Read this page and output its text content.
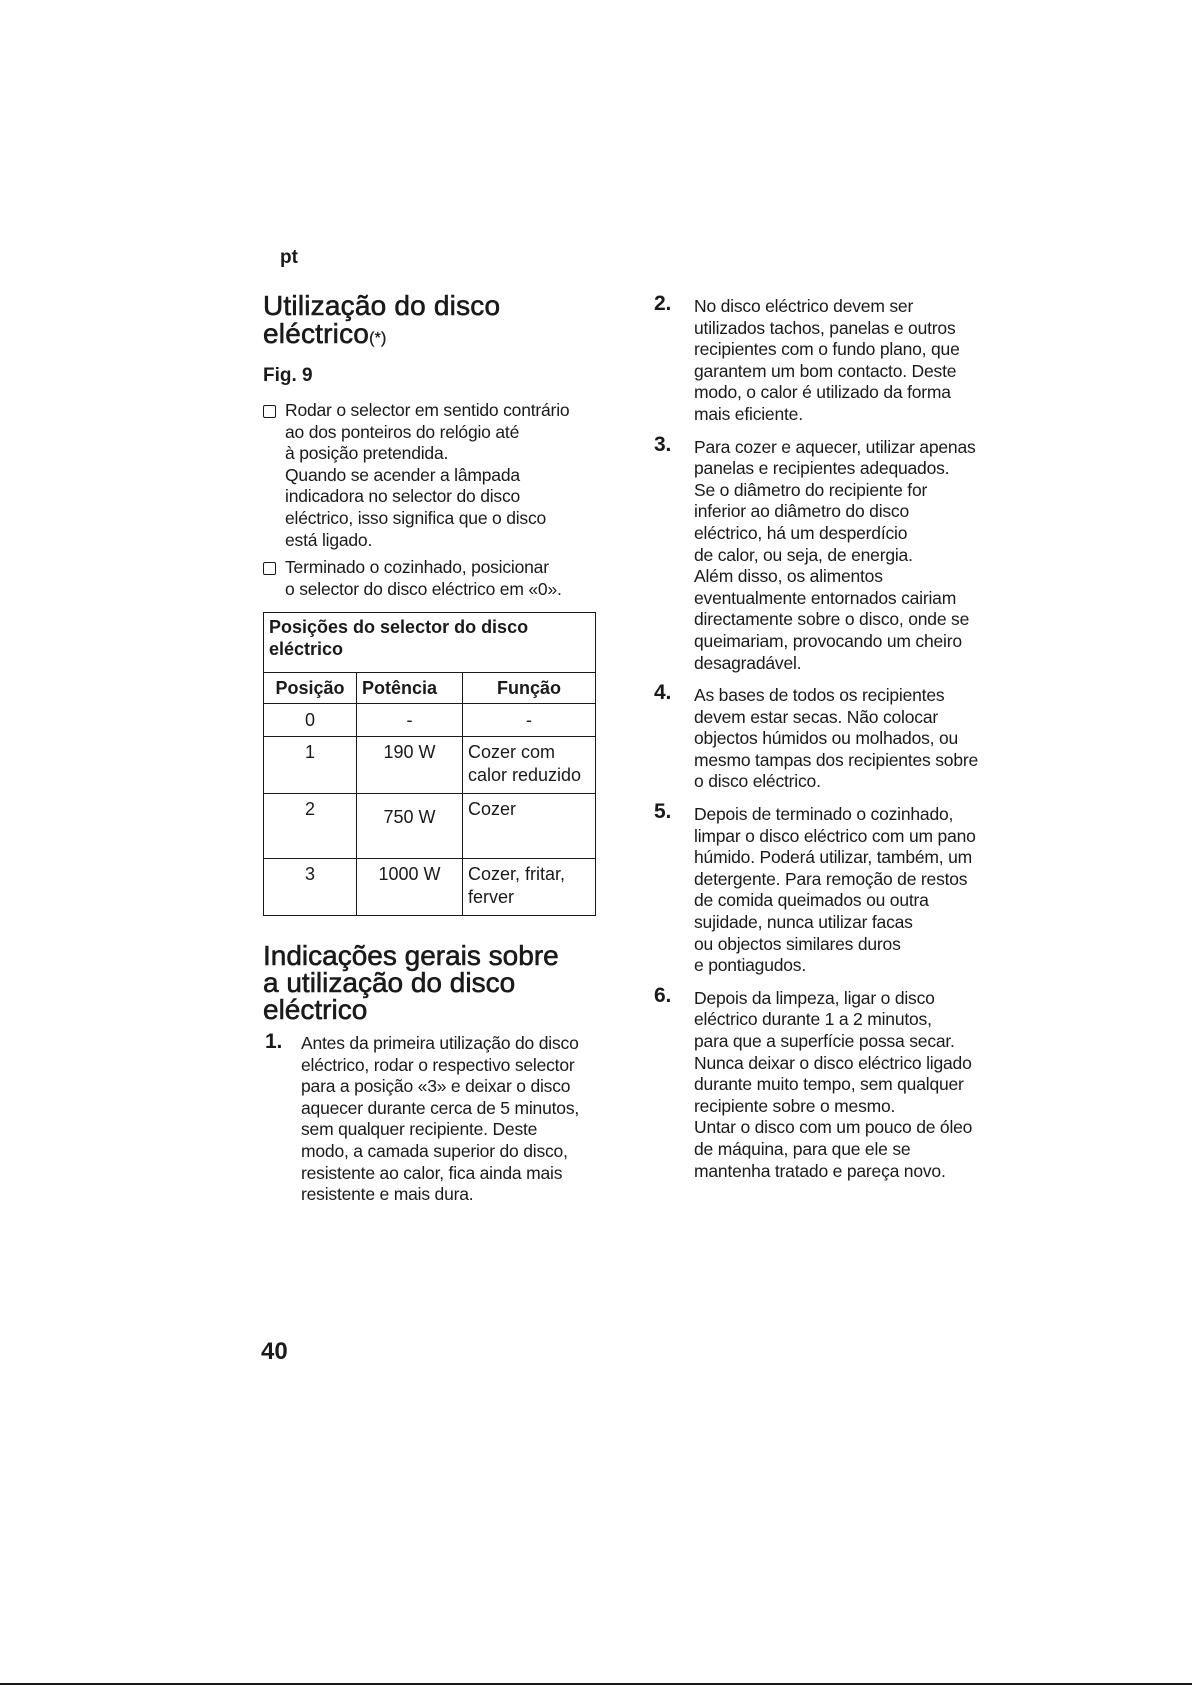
pt
Utilização do disco
eléctrico(*)
Fig. 9
Rodar o selector em sentido contrário
ao dos ponteiros do relógio até
à posição pretendida.
Quando se acender a lâmpada
indicadora no selector do disco
eléctrico, isso significa que o disco
está ligado.
Terminado o cozinhado, posicionar
o selector do disco eléctrico em «0».
Posições do selector do disco
eléctrico		
Posição	Potência	Função
0	-	-
1	190 W	Cozer com
calor reduzido
2	750 W	Cozer
3	1000 W	Cozer, fritar,
ferver
Indicações gerais sobre
a utilização do disco
eléctrico
1. Antes da primeira utilização do disco
eléctrico, rodar o respectivo selector
para a posição «3» e deixar o disco
aquecer durante cerca de 5 minutos,
sem qualquer recipiente. Deste
modo, a camada superior do disco,
resistente ao calor, fica ainda mais
resistente e mais dura.
2. No disco eléctrico devem ser
utilizados tachos, panelas e outros
recipientes com o fundo plano, que
garantem um bom contacto. Deste
modo, o calor é utilizado da forma
mais eficiente.
3. Para cozer e aquecer, utilizar apenas
panelas e recipientes adequados.
Se o diâmetro do recipiente for
inferior ao diâmetro do disco
eléctrico, há um desperdício
de calor, ou seja, de energia.
Além disso, os alimentos
eventualmente entornados cairiam
directamente sobre o disco, onde se
queimariam, provocando um cheiro
desagradável.
4. As bases de todos os recipientes
devem estar secas. Não colocar
objectos húmidos ou molhados, ou
mesmo tampas dos recipientes sobre
o disco eléctrico.
5. Depois de terminado o cozinhado,
limpar o disco eléctrico com um pano
húmido. Poderá utilizar, também, um
detergente. Para remoção de restos
de comida queimados ou outra
sujidade, nunca utilizar facas
ou objectos similares duros
e pontiagudos.
6. Depois da limpeza, ligar o disco
eléctrico durante 1 a 2 minutos,
para que a superfície possa secar.
Nunca deixar o disco eléctrico ligado
durante muito tempo, sem qualquer
recipiente sobre o mesmo.
Untar o disco com um pouco de óleo
de máquina, para que ele se
mantenha tratado e pareça novo.
40
